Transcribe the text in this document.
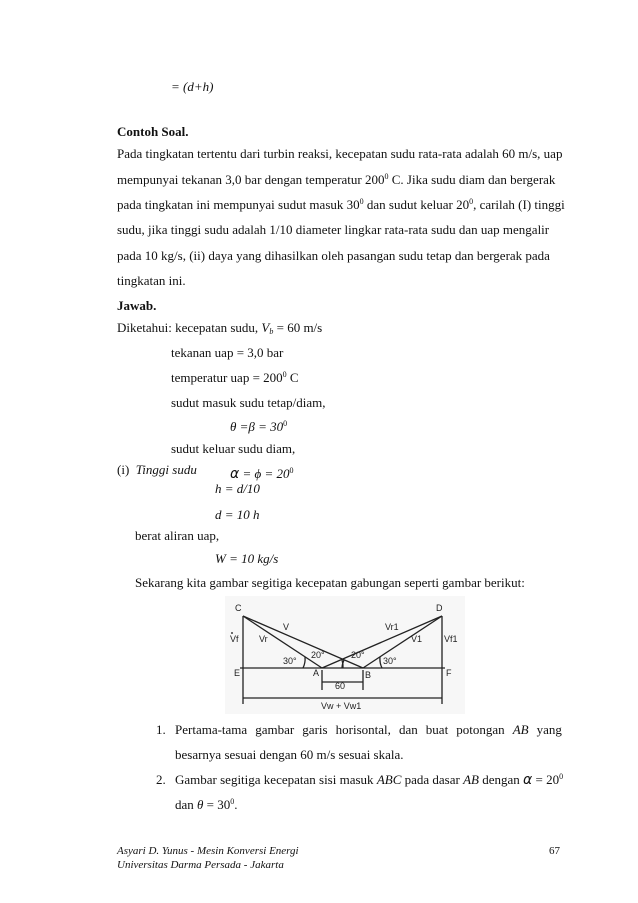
= (d+h)
Contoh Soal.
Pada tingkatan tertentu dari turbin reaksi, kecepatan sudu rata-rata adalah 60 m/s, uap
mempunyai tekanan 3,0 bar dengan temperatur $200^0$ C. Jika sudu diam dan bergerak
pada tingkatan ini mempunyai sudut masuk $30^0$ dan sudut keluar $20^0$, carilah (I) tinggi
sudu, jika tinggi sudu adalah 1/10 diameter lingkar rata-rata sudu dan uap mengalir
pada 10 kg/s, (ii) daya yang dihasilkan oleh pasangan sudu tetap dan bergerak pada
tingkatan ini.
Jawab.
Diketahui: kecepatan sudu, $V_b = 60$ m/s
tekanan uap = 3,0 bar
temperatur uap = $200^0$ C
sudut masuk sudu tetap/diam,
$\theta =\beta = 30^0$
sudut keluar sudu diam,
$\alpha = \phi = 20^0$
(i) Tinggi sudu
h = d/10
d = 10 h
berat aliran uap,
W = 10 kg/s
Sekarang kita gambar segitiga kecepatan gabungan seperti gambar berikut:
C	D
E	F
A	B
Vf Vr
V	Vr1
V1 Vf1
30°
20°	20°
30°
60
Vw + Vw1
1. Pertama-tama gambar garis horisontal, dan buat potongan AB yang
besarnya sesuai dengan 60 m/s sesuai skala.
2. Gambar segitiga kecepatan sisi masuk ABC pada dasar AB dengan $\alpha = 20^0$
dan $\theta = 30^0$.
Asyari D. Yunus - Mesin Konversi Energi
Universitas Darma Persada - Jakarta
67
